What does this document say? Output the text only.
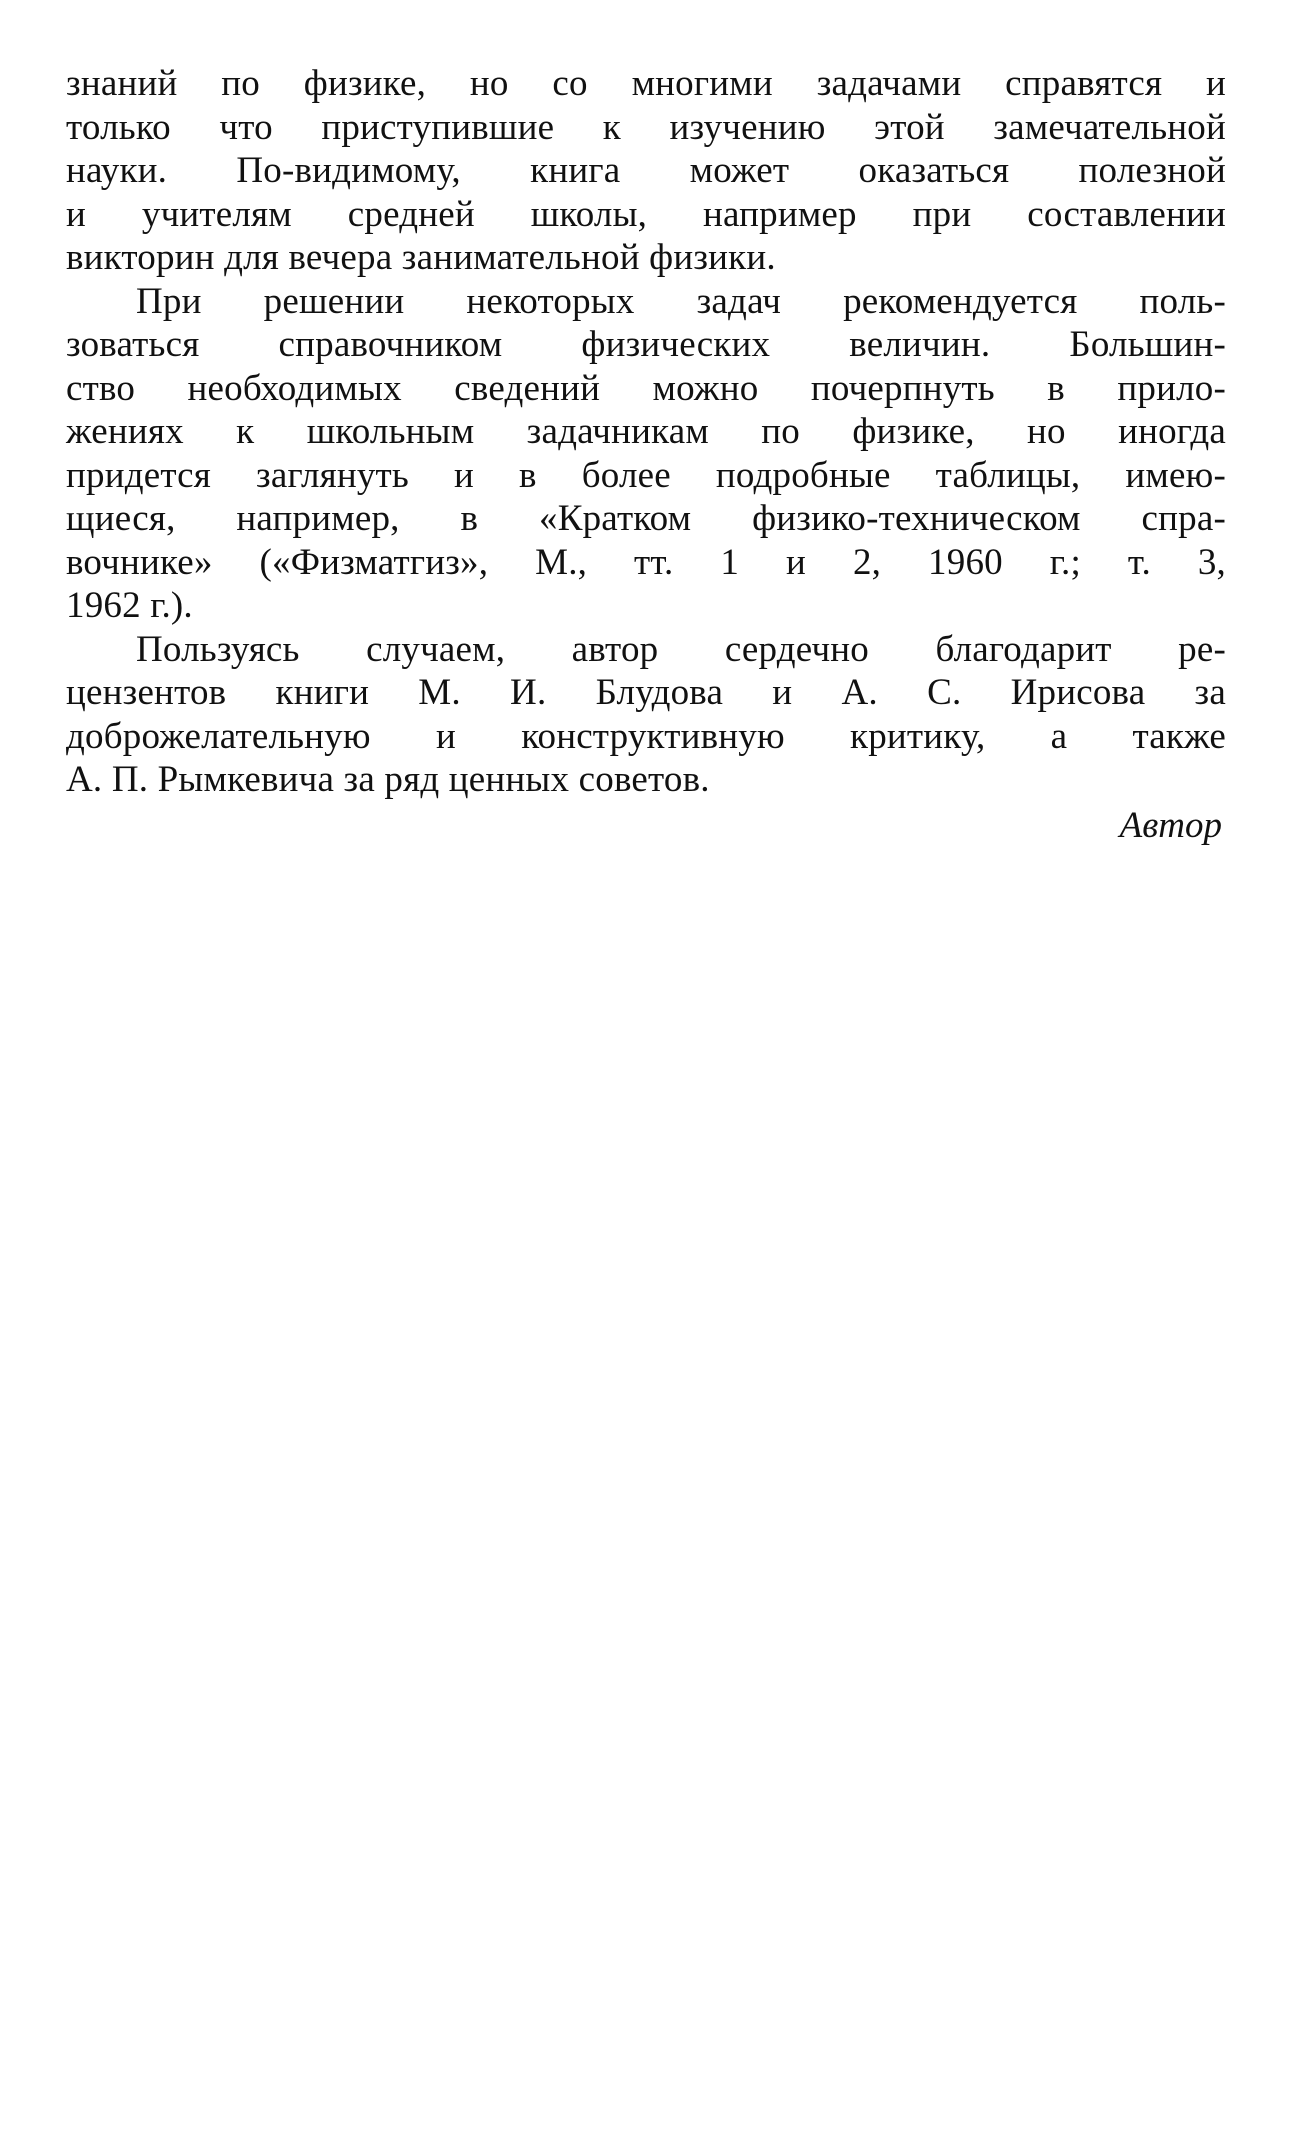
знаний по физике, но со многими задачами справятся и
только что приступившие к изучению этой замечательной
науки. По-видимому, книга может оказаться полезной
и учителям средней школы, например при составлении
викторин для вечера занимательной физики.
При решении некоторых задач рекомендуется поль-
зоваться справочником физических величин. Большин-
ство необходимых сведений можно почерпнуть в прило-
жениях к школьным задачникам по физике, но иногда
придется заглянуть и в более подробные таблицы, имею-
щиеся, например, в «Кратком физико-техническом спра-
вочнике» («Физматгиз», М., тт. 1 и 2, 1960 г.; т. 3,
1962 г.).
Пользуясь случаем, автор сердечно благодарит ре-
цензентов книги М. И. Блудова и А. С. Ирисова за
доброжелательную и конструктивную критику, а также
А. П. Рымкевича за ряд ценных советов.
Автор
